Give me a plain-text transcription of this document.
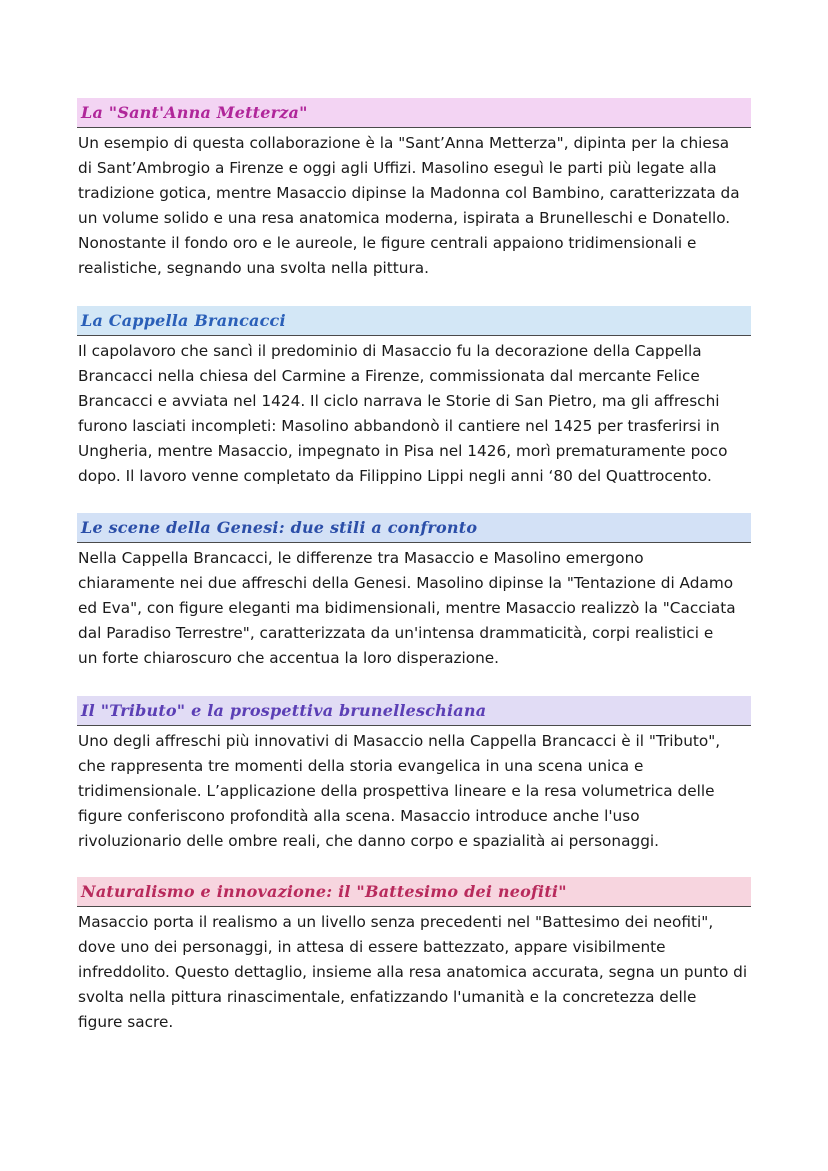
La "Sant'Anna Metterza"
Un esempio di questa collaborazione è la "Sant’Anna Metterza", dipinta per la chiesa
di Sant’Ambrogio a Firenze e oggi agli Uffizi. Masolino eseguì le parti più legate alla
tradizione gotica, mentre Masaccio dipinse la Madonna col Bambino, caratterizzata da
un volume solido e una resa anatomica moderna, ispirata a Brunelleschi e Donatello.
Nonostante il fondo oro e le aureole, le figure centrali appaiono tridimensionali e
realistiche, segnando una svolta nella pittura.
La Cappella Brancacci
Il capolavoro che sancì il predominio di Masaccio fu la decorazione della Cappella
Brancacci nella chiesa del Carmine a Firenze, commissionata dal mercante Felice
Brancacci e avviata nel 1424. Il ciclo narrava le Storie di San Pietro, ma gli affreschi
furono lasciati incompleti: Masolino abbandonò il cantiere nel 1425 per trasferirsi in
Ungheria, mentre Masaccio, impegnato in Pisa nel 1426, morì prematuramente poco
dopo. Il lavoro venne completato da Filippino Lippi negli anni ‘80 del Quattrocento.
Le scene della Genesi: due stili a confronto
Nella Cappella Brancacci, le differenze tra Masaccio e Masolino emergono
chiaramente nei due affreschi della Genesi. Masolino dipinse la "Tentazione di Adamo
ed Eva", con figure eleganti ma bidimensionali, mentre Masaccio realizzò la "Cacciata
dal Paradiso Terrestre", caratterizzata da un'intensa drammaticità, corpi realistici e
un forte chiaroscuro che accentua la loro disperazione.
Il "Tributo" e la prospettiva brunelleschiana
Uno degli affreschi più innovativi di Masaccio nella Cappella Brancacci è il "Tributo",
che rappresenta tre momenti della storia evangelica in una scena unica e
tridimensionale. L’applicazione della prospettiva lineare e la resa volumetrica delle
figure conferiscono profondità alla scena. Masaccio introduce anche l'uso
rivoluzionario delle ombre reali, che danno corpo e spazialità ai personaggi.
Naturalismo e innovazione: il "Battesimo dei neofiti"
Masaccio porta il realismo a un livello senza precedenti nel "Battesimo dei neofiti",
dove uno dei personaggi, in attesa di essere battezzato, appare visibilmente
infreddolito. Questo dettaglio, insieme alla resa anatomica accurata, segna un punto di
svolta nella pittura rinascimentale, enfatizzando l'umanità e la concretezza delle
figure sacre.
